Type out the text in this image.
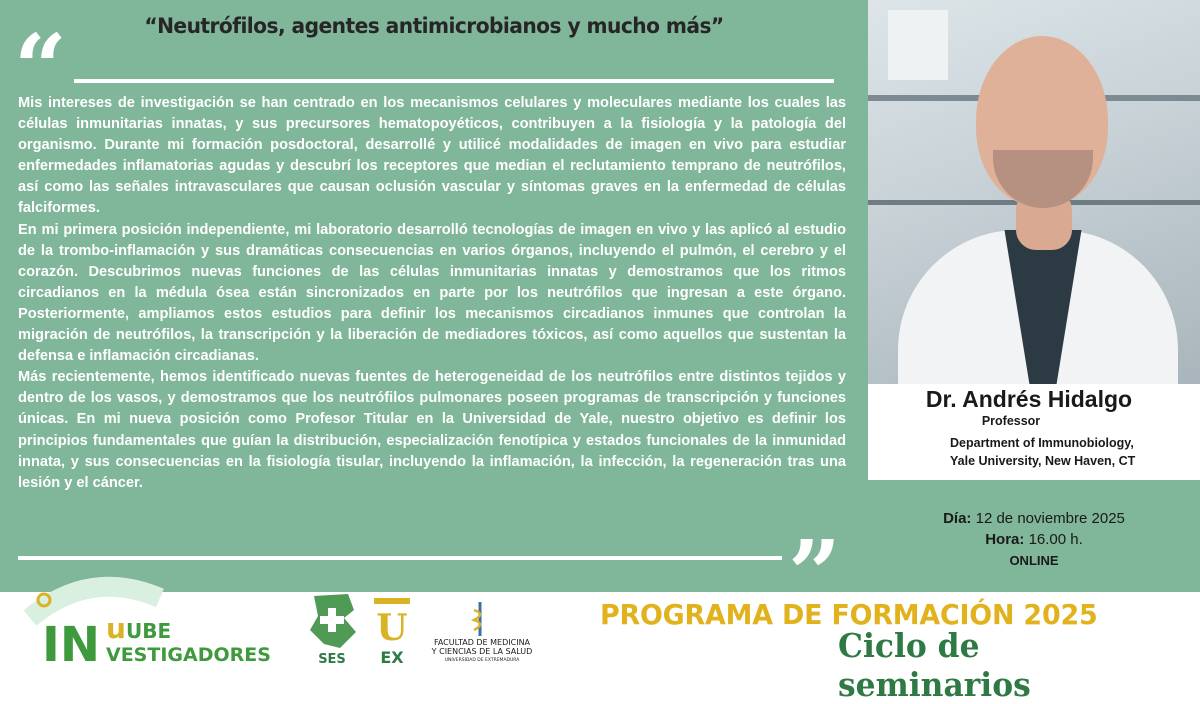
“Neutrófilos, agentes antimicrobianos y mucho más”
“

Mis intereses de investigación se han centrado en los mecanismos celulares y moleculares mediante los cuales las células inmunitarias innatas, y sus precursores hematopoyéticos, contribuyen a la fisiología y la patología del organismo. Durante mi formación posdoctoral, desarrollé y utilicé modalidades de imagen en vivo para estudiar enfermedades inflamatorias agudas y descubrí los receptores que median el reclutamiento temprano de neutrófilos, así como las señales intravasculares que causan oclusión vascular y síntomas graves en la enfermedad de células falciformes.

En mi primera posición independiente, mi laboratorio desarrolló tecnologías de imagen en vivo y las aplicó al estudio de la trombo-inflamación y sus dramáticas consecuencias en varios órganos, incluyendo el pulmón, el cerebro y el corazón. Descubrimos nuevas funciones de las células inmunitarias innatas y demostramos que los ritmos circadianos en la médula ósea están sincronizados en parte por los neutrófilos que ingresan a este órgano. Posteriormente, ampliamos estos estudios para definir los mecanismos circadianos inmunes que controlan la migración de neutrófilos, la transcripción y la liberación de mediadores tóxicos, así como aquellos que sustentan la defensa e inflamación circadianas.

Más recientemente, hemos identificado nuevas fuentes de heterogeneidad de los neutrófilos entre distintos tejidos y dentro de los vasos, y demostramos que los neutrófilos pulmonares poseen programas de transcripción y funciones únicas. En mi nueva posición como Profesor Titular en la Universidad de Yale, nuestro objetivo es definir los principios fundamentales que guían la distribución, especialización fenotípica y estados funcionales de la inmunidad innata, y sus consecuencias en la fisiología tisular, incluyendo la inflamación, la infección, la regeneración tras una lesión y el cáncer.

”
Dr. Andrés Hidalgo
Professor
Department of Immunobiology,
Yale University, New Haven, CT
Día: 12 de noviembre 2025
Hora: 16.00 h.
ONLINE
IN u UBE
VESTIGADORES	SES
U
EX
FACULTAD DE MEDICINA
Y CIENCIAS DE LA SALUD
UNIVERSIDAD DE EXTREMADURA
PROGRAMA DE FORMACIÓN 2025
Ciclo de seminarios
